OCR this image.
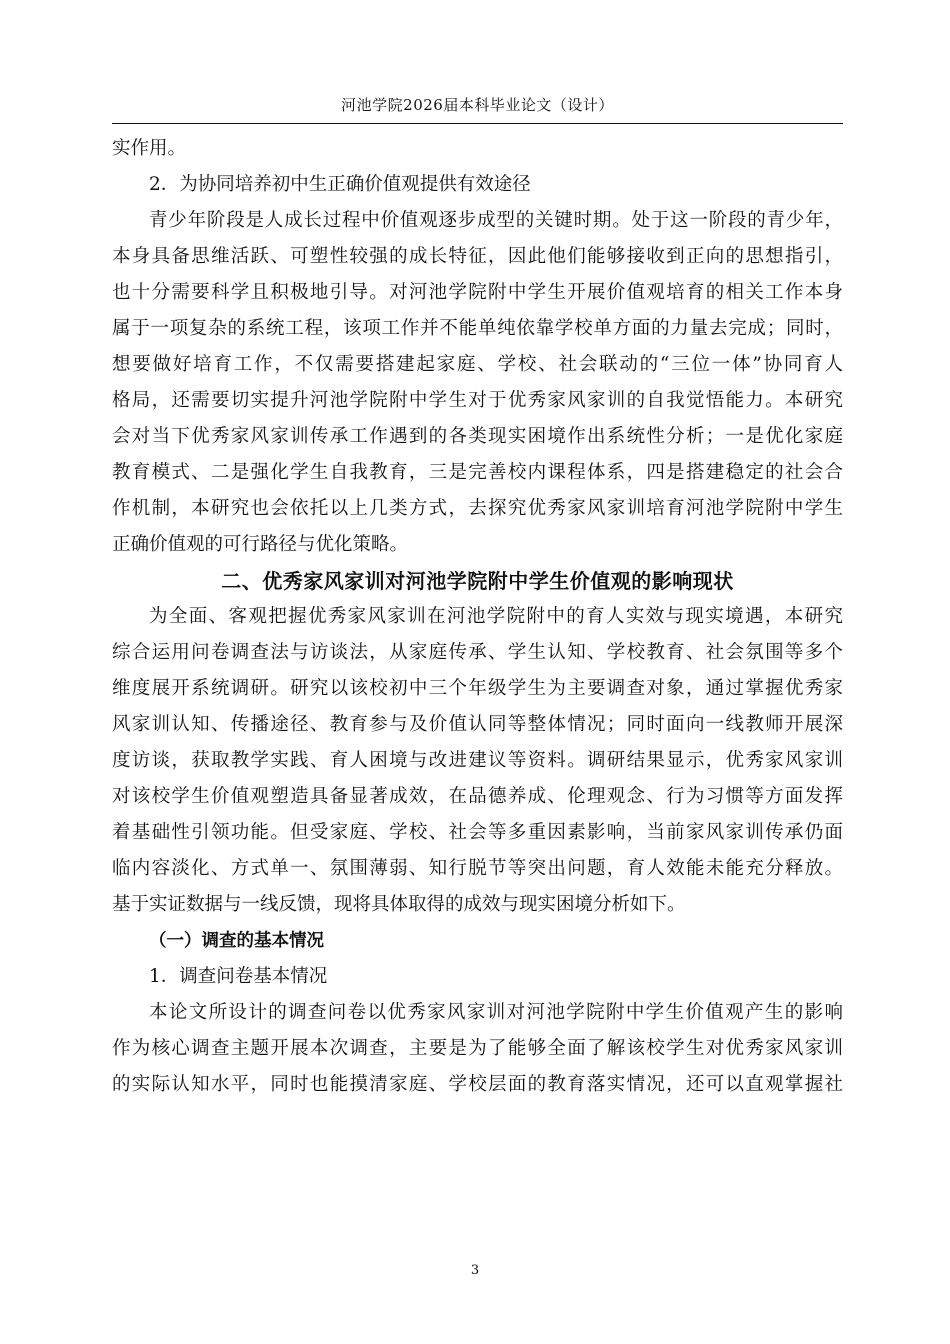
河池学院2026届本科毕业论文（设计）
实作用。
2．为协同培养初中生正确价值观提供有效途径
青少年阶段是人成长过程中价值观逐步成型的关键时期。处于这一阶段的青少年，
本身具备思维活跃、可塑性较强的成长特征，因此他们能够接收到正向的思想指引，
也十分需要科学且积极地引导。对河池学院附中学生开展价值观培育的相关工作本身
属于一项复杂的系统工程，该项工作并不能单纯依靠学校单方面的力量去完成；同时，
想要做好培育工作，不仅需要搭建起家庭、学校、社会联动的“三位一体”协同育人
格局，还需要切实提升河池学院附中学生对于优秀家风家训的自我觉悟能力。本研究
会对当下优秀家风家训传承工作遇到的各类现实困境作出系统性分析；一是优化家庭
教育模式、二是强化学生自我教育，三是完善校内课程体系，四是搭建稳定的社会合
作机制，本研究也会依托以上几类方式，去探究优秀家风家训培育河池学院附中学生
正确价值观的可行路径与优化策略。
二、优秀家风家训对河池学院附中学生价值观的影响现状
为全面、客观把握优秀家风家训在河池学院附中的育人实效与现实境遇，本研究
综合运用问卷调查法与访谈法，从家庭传承、学生认知、学校教育、社会氛围等多个
维度展开系统调研。研究以该校初中三个年级学生为主要调查对象，通过掌握优秀家
风家训认知、传播途径、教育参与及价值认同等整体情况；同时面向一线教师开展深
度访谈，获取教学实践、育人困境与改进建议等资料。调研结果显示，优秀家风家训
对该校学生价值观塑造具备显著成效，在品德养成、伦理观念、行为习惯等方面发挥
着基础性引领功能。但受家庭、学校、社会等多重因素影响，当前家风家训传承仍面
临内容淡化、方式单一、氛围薄弱、知行脱节等突出问题，育人效能未能充分释放。
基于实证数据与一线反馈，现将具体取得的成效与现实困境分析如下。
（一）调查的基本情况
1．调查问卷基本情况
本论文所设计的调查问卷以优秀家风家训对河池学院附中学生价值观产生的影响
作为核心调查主题开展本次调查，主要是为了能够全面了解该校学生对优秀家风家训
的实际认知水平，同时也能摸清家庭、学校层面的教育落实情况，还可以直观掌握社
3
